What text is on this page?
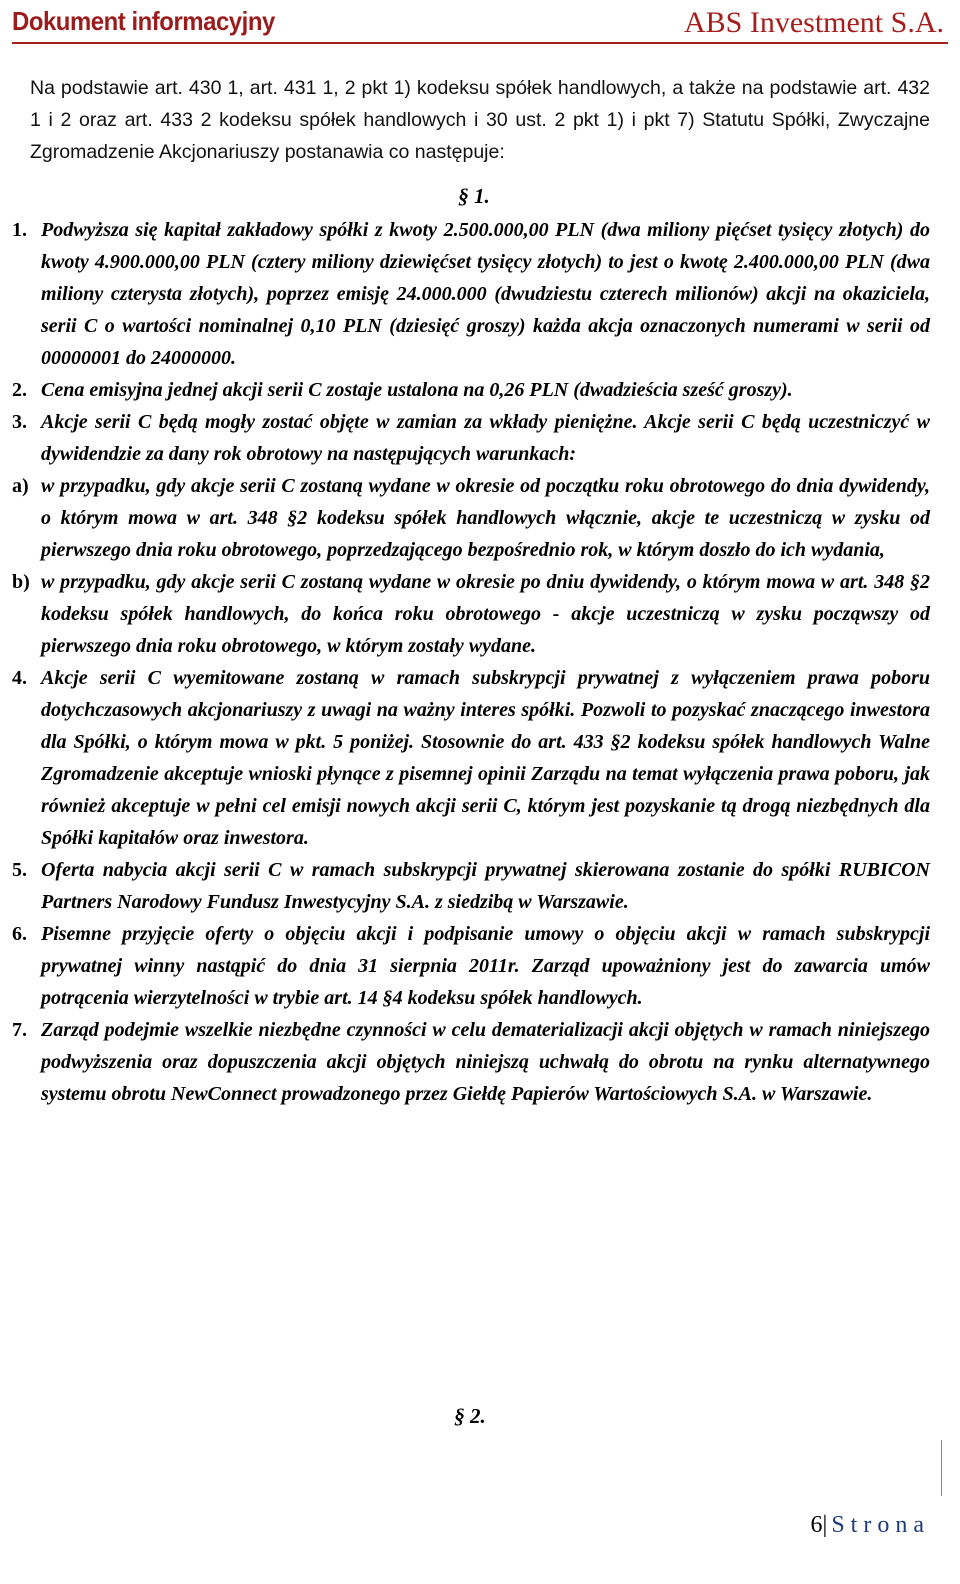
Dokument informacyjny	ABS Investment S.A.
Na podstawie art. 430 1, art. 431 1, 2 pkt 1) kodeksu spółek handlowych, a także na podstawie art. 432 1 i 2 oraz art. 433 2 kodeksu spółek handlowych i 30 ust. 2 pkt 1) i pkt 7) Statutu Spółki, Zwyczajne Zgromadzenie Akcjonariuszy postanawia co następuje:
§ 1.
1. Podwyższa się kapitał zakładowy spółki z kwoty 2.500.000,00 PLN (dwa miliony pięćset tysięcy złotych) do kwoty 4.900.000,00 PLN (cztery miliony dziewięćset tysięcy złotych) to jest o kwotę 2.400.000,00 PLN (dwa miliony czterysta złotych), poprzez emisję 24.000.000 (dwudziestu czterech milionów) akcji na okaziciela, serii C o wartości nominalnej 0,10 PLN (dziesięć groszy) każda akcja oznaczonych numerami w serii od 00000001 do 24000000.
2. Cena emisyjna jednej akcji serii C zostaje ustalona na 0,26 PLN (dwadzieścia sześć groszy).
3. Akcje serii C będą mogły zostać objęte w zamian za wkłady pieniężne. Akcje serii C będą uczestniczyć w dywidendzie za dany rok obrotowy na następujących warunkach:
a) w przypadku, gdy akcje serii C zostaną wydane w okresie od początku roku obrotowego do dnia dywidendy, o którym mowa w art. 348 §2 kodeksu spółek handlowych włącznie, akcje te uczestniczą w zysku od pierwszego dnia roku obrotowego, poprzedzającego bezpośrednio rok, w którym doszło do ich wydania,
b) w przypadku, gdy akcje serii C zostaną wydane w okresie po dniu dywidendy, o którym mowa w art. 348 §2 kodeksu spółek handlowych, do końca roku obrotowego - akcje uczestniczą w zysku począwszy od pierwszego dnia roku obrotowego, w którym zostały wydane.
4. Akcje serii C wyemitowane zostaną w ramach subskrypcji prywatnej z wyłączeniem prawa poboru dotychczasowych akcjonariuszy z uwagi na ważny interes spółki. Pozwoli to pozyskać znaczącego inwestora dla Spółki, o którym mowa w pkt. 5 poniżej. Stosownie do art. 433 §2 kodeksu spółek handlowych Walne Zgromadzenie akceptuje wnioski płynące z pisemnej opinii Zarządu na temat wyłączenia prawa poboru, jak również akceptuje w pełni cel emisji nowych akcji serii C, którym jest pozyskanie tą drogą niezbędnych dla Spółki kapitałów oraz inwestora.
5. Oferta nabycia akcji serii C w ramach subskrypcji prywatnej skierowana zostanie do spółki RUBICON Partners Narodowy Fundusz Inwestycyjny S.A. z siedzibą w Warszawie.
6. Pisemne przyjęcie oferty o objęciu akcji i podpisanie umowy o objęciu akcji w ramach subskrypcji prywatnej winny nastąpić do dnia 31 sierpnia 2011r. Zarząd upoważniony jest do zawarcia umów potrącenia wierzytelności w trybie art. 14 §4 kodeksu spółek handlowych.
7. Zarząd podejmie wszelkie niezbędne czynności w celu dematerializacji akcji objętych w ramach niniejszego podwyższenia oraz dopuszczenia akcji objętych niniejszą uchwałą do obrotu na rynku alternatywnego systemu obrotu NewConnect prowadzonego przez Giełdę Papierów Wartościowych S.A. w Warszawie.
§ 2.
6| Strona
